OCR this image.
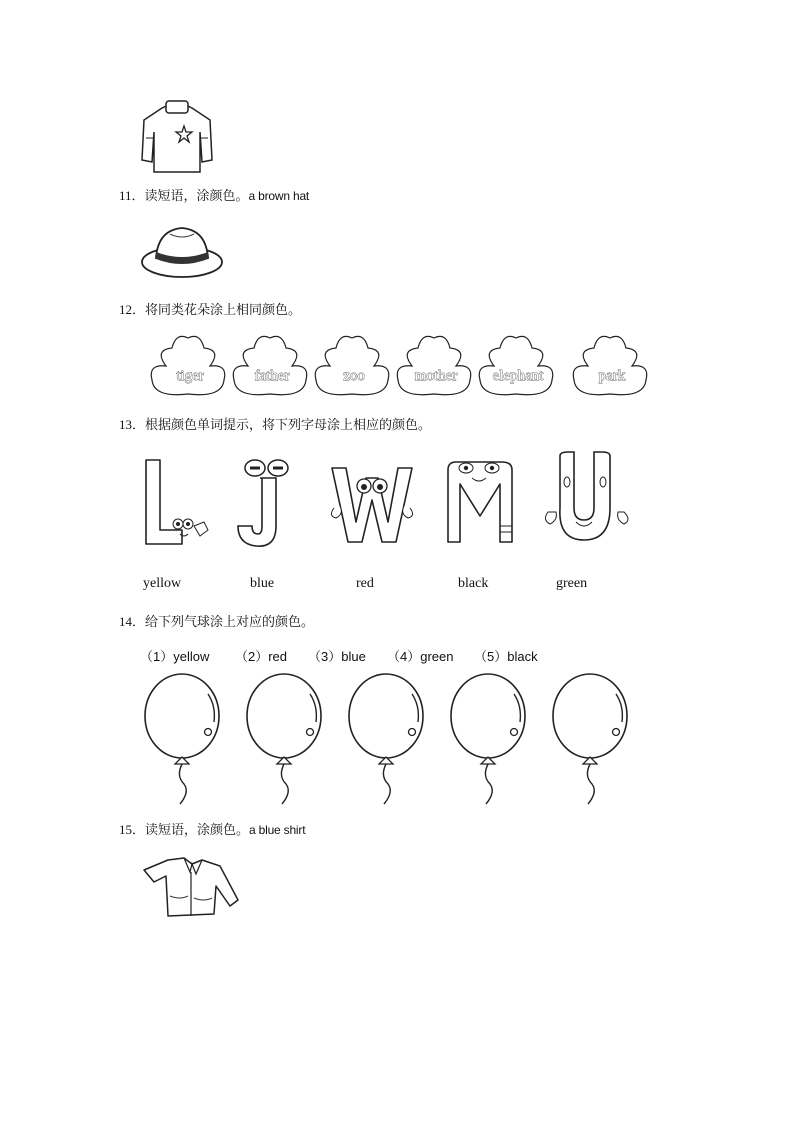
11．读短语，涂颜色。a brown hat
12．将同类花朵涂上相同颜色。
tiger	father	zoo	mother elephant	park
13．根据颜色单词提示，将下列字母涂上相应的颜色。
yellow	blue	red	black	green
14．给下列气球涂上对应的颜色。
（1）yellow （2）red （3）blue （4）green （5）black
15．读短语，涂颜色。a blue shirt
